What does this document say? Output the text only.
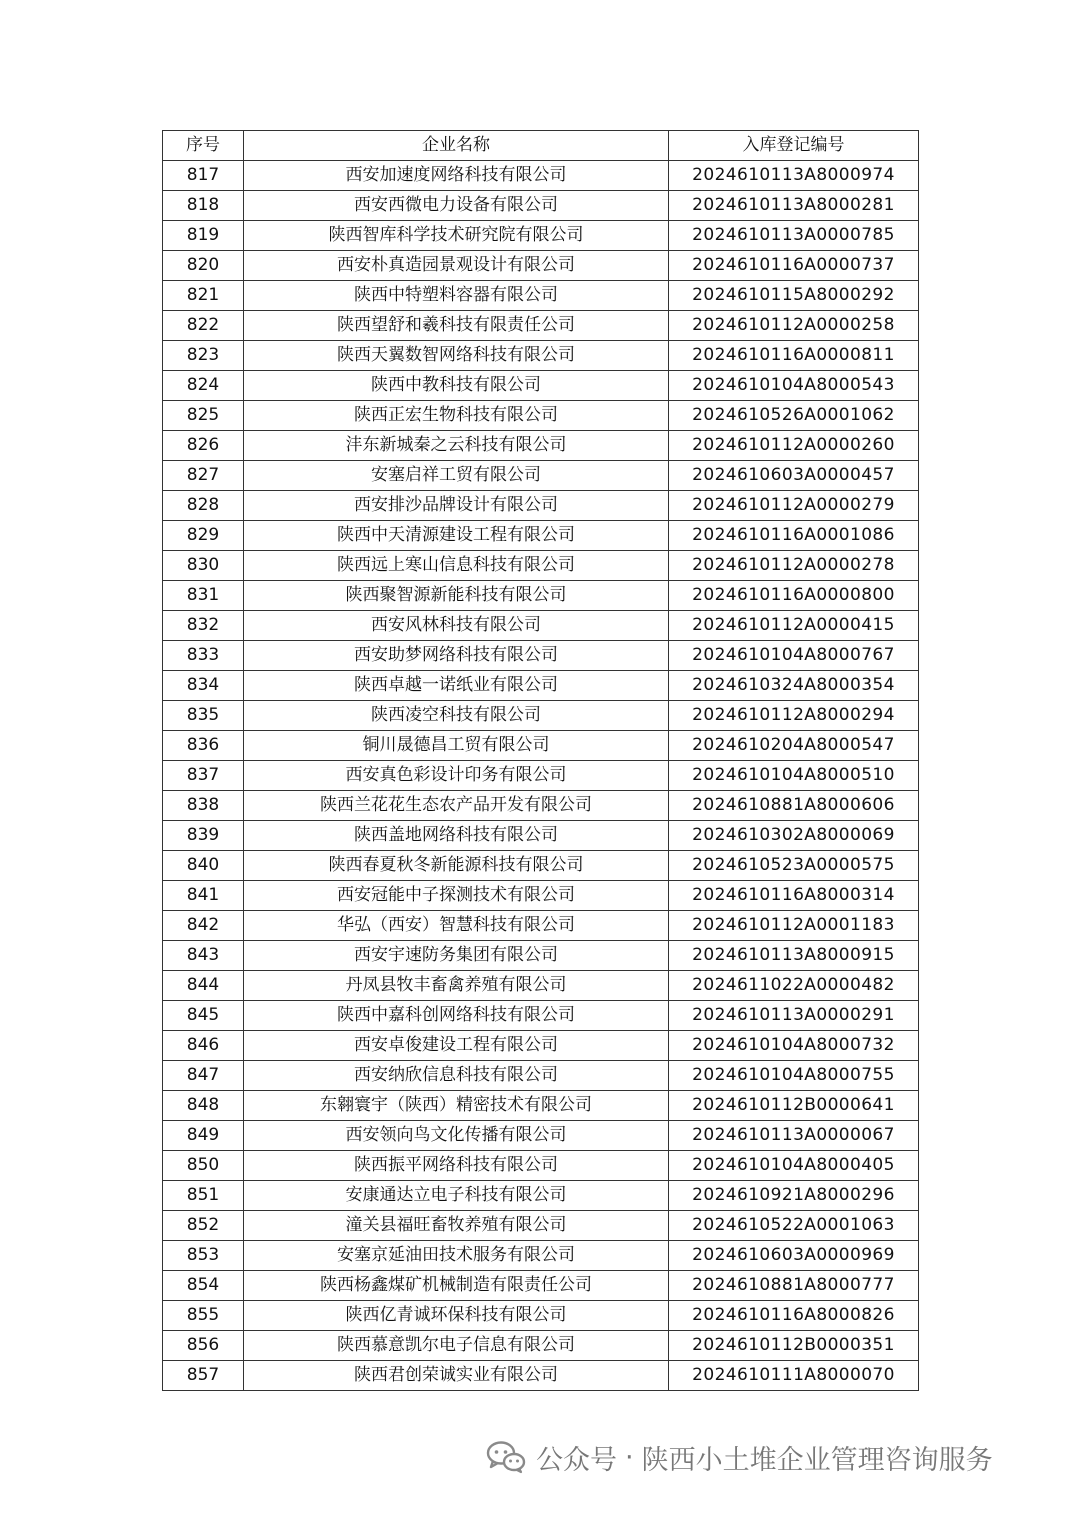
序号	企业名称	入库登记编号
817	西安加速度网络科技有限公司	2024610113A8000974
818	西安西微电力设备有限公司	2024610113A8000281
819	陕西智库科学技术研究院有限公司	2024610113A0000785
820	西安朴真造园景观设计有限公司	2024610116A0000737
821	陕西中特塑料容器有限公司	2024610115A8000292
822	陕西望舒和羲科技有限责任公司	2024610112A0000258
823	陕西天翼数智网络科技有限公司	2024610116A0000811
824	陕西中教科技有限公司	2024610104A8000543
825	陕西正宏生物科技有限公司	2024610526A0001062
826	沣东新城秦之云科技有限公司	2024610112A0000260
827	安塞启祥工贸有限公司	2024610603A0000457
828	西安排沙品牌设计有限公司	2024610112A0000279
829	陕西中天清源建设工程有限公司	2024610116A0001086
830	陕西远上寒山信息科技有限公司	2024610112A0000278
831	陕西聚智源新能科技有限公司	2024610116A0000800
832	西安风林科技有限公司	2024610112A0000415
833	西安助梦网络科技有限公司	2024610104A8000767
834	陕西卓越一诺纸业有限公司	2024610324A8000354
835	陕西凌空科技有限公司	2024610112A8000294
836	铜川晟德昌工贸有限公司	2024610204A8000547
837	西安真色彩设计印务有限公司	2024610104A8000510
838	陕西兰花花生态农产品开发有限公司	2024610881A8000606
839	陕西盖地网络科技有限公司	2024610302A8000069
840	陕西春夏秋冬新能源科技有限公司	2024610523A0000575
841	西安冠能中子探测技术有限公司	2024610116A8000314
842	华弘（西安）智慧科技有限公司	2024610112A0001183
843	西安宇速防务集团有限公司	2024610113A8000915
844	丹凤县牧丰畜禽养殖有限公司	2024611022A0000482
845	陕西中嘉科创网络科技有限公司	2024610113A0000291
846	西安卓俊建设工程有限公司	2024610104A8000732
847	西安纳欣信息科技有限公司	2024610104A8000755
848	东翱寰宇（陕西）精密技术有限公司	2024610112B0000641
849	西安领向鸟文化传播有限公司	2024610113A0000067
850	陕西振平网络科技有限公司	2024610104A8000405
851	安康通达立电子科技有限公司	2024610921A8000296
852	潼关县福旺畜牧养殖有限公司	2024610522A0001063
853	安塞京延油田技术服务有限公司	2024610603A0000969
854	陕西杨鑫煤矿机械制造有限责任公司	2024610881A8000777
855	陕西亿青诚环保科技有限公司	2024610116A8000826
856	陕西慕意凯尔电子信息有限公司	2024610112B0000351
857	陕西君创荣诚实业有限公司	2024610111A8000070
公众号 · 陕西小土堆企业管理咨询服务
